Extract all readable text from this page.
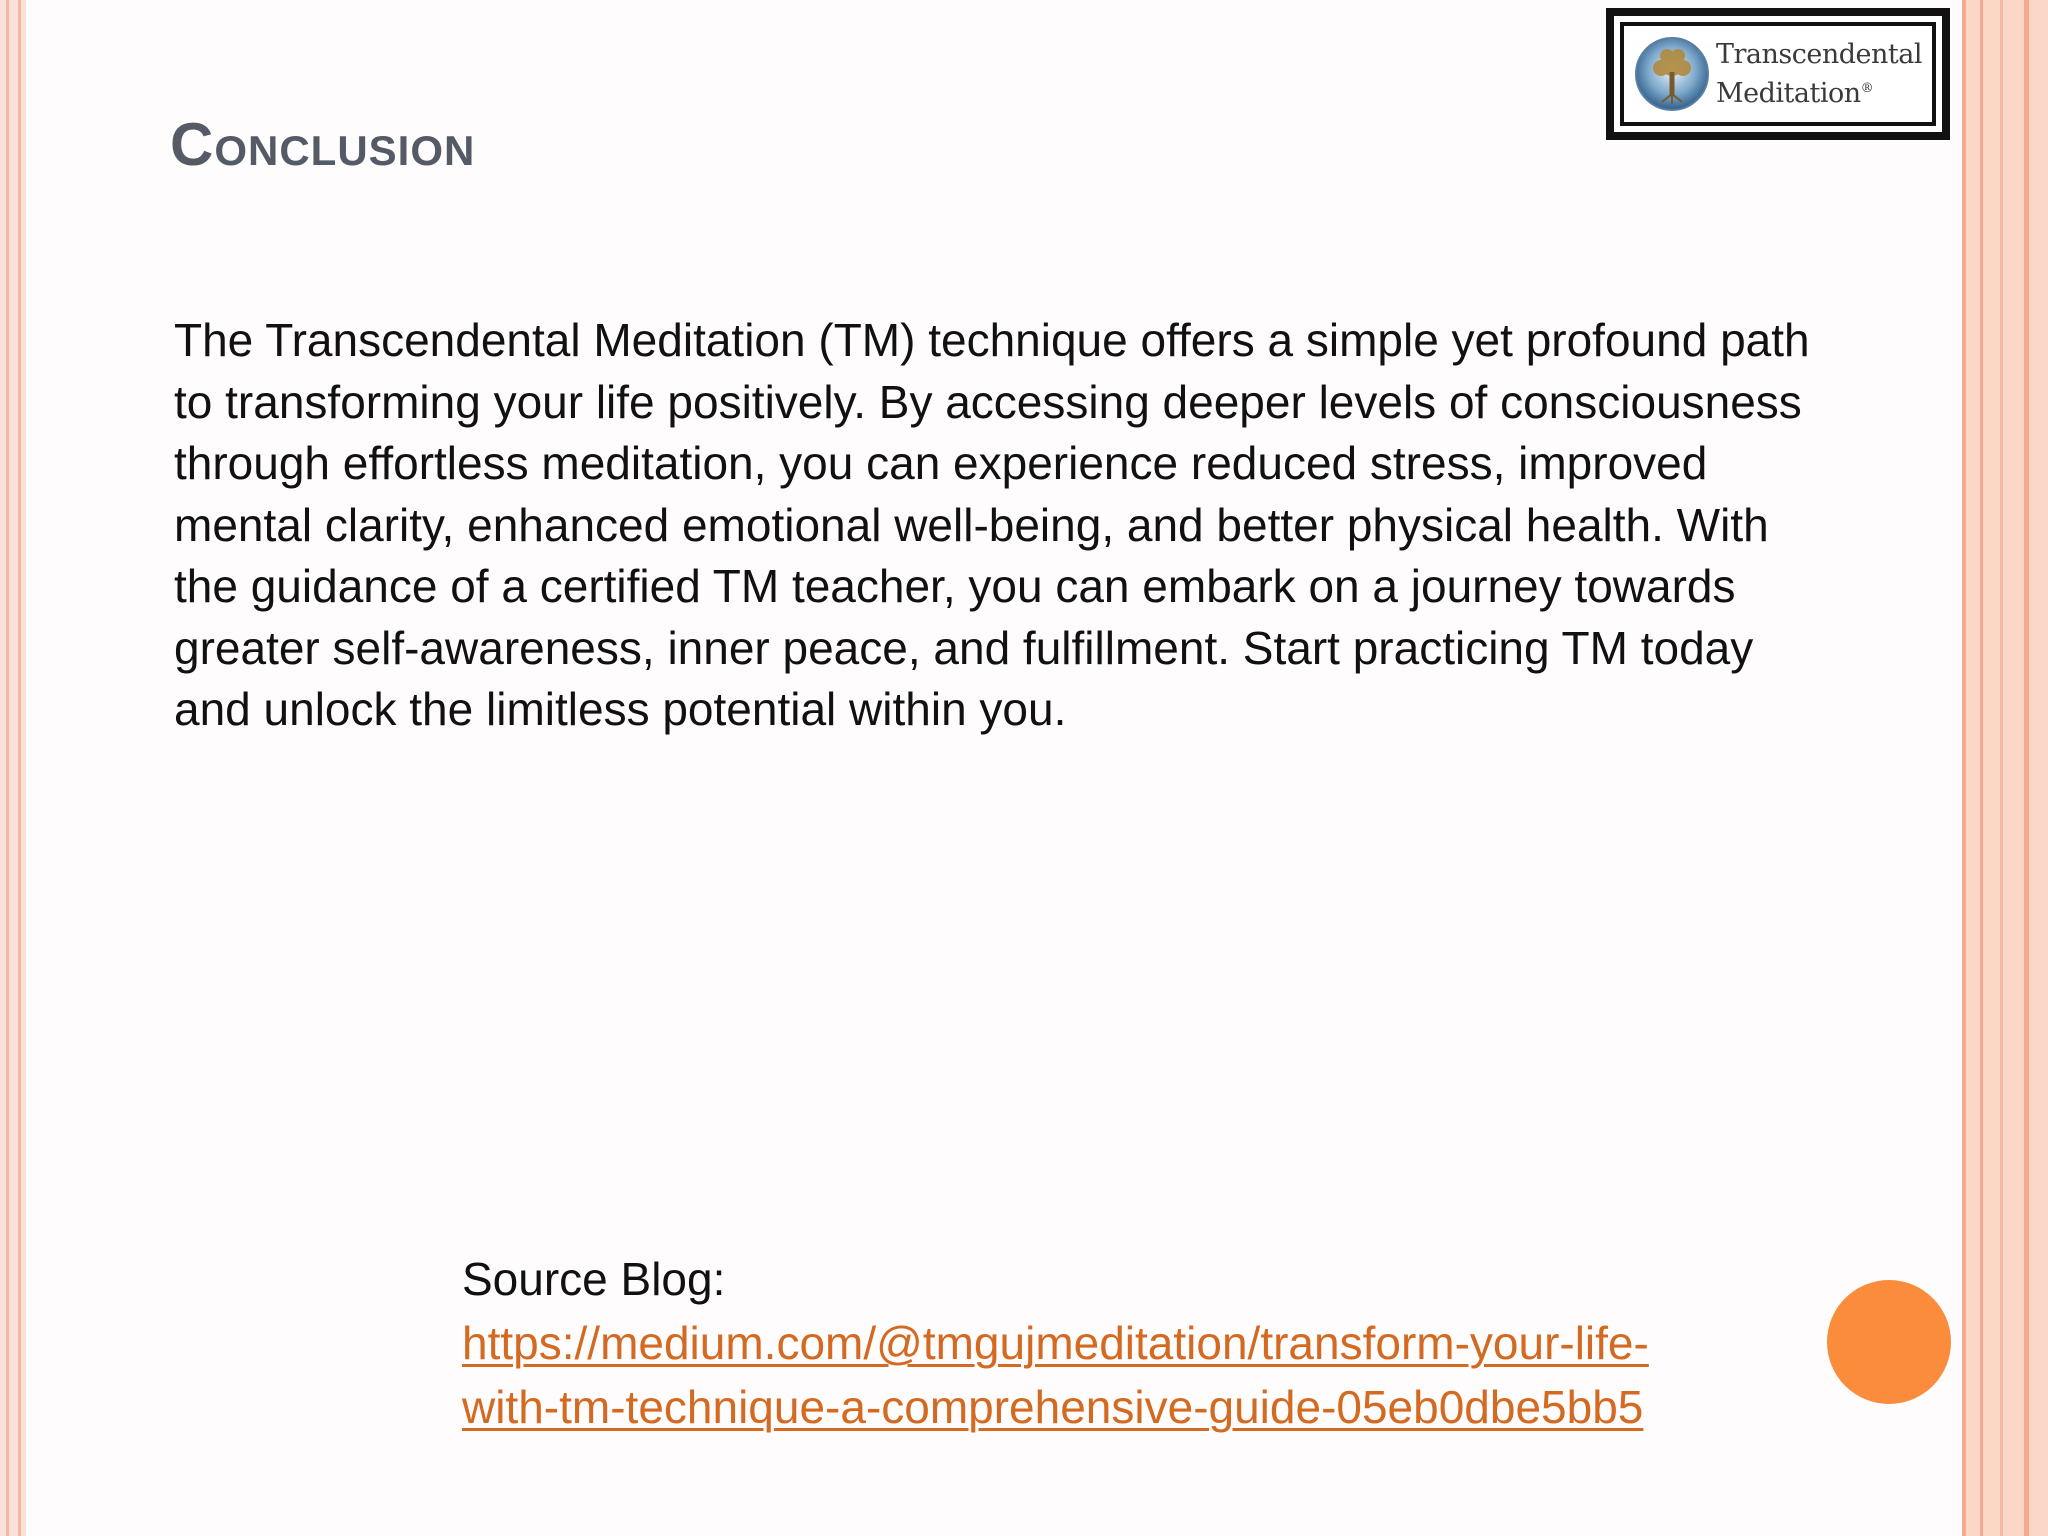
Transcendental
Meditation®
Conclusion

The Transcendental Meditation (TM) technique offers a simple yet profound path to transforming your life positively. By accessing deeper levels of consciousness through effortless meditation, you can experience reduced stress, improved mental clarity, enhanced emotional well-being, and better physical health. With the guidance of a certified TM teacher, you can embark on a journey towards greater self-awareness, inner peace, and fulfillment. Start practicing TM today and unlock the limitless potential within you.

Source Blog:
https://medium.com/@tmgujmeditation/transform-your-life-
with-tm-technique-a-comprehensive-guide-05eb0dbe5bb5
